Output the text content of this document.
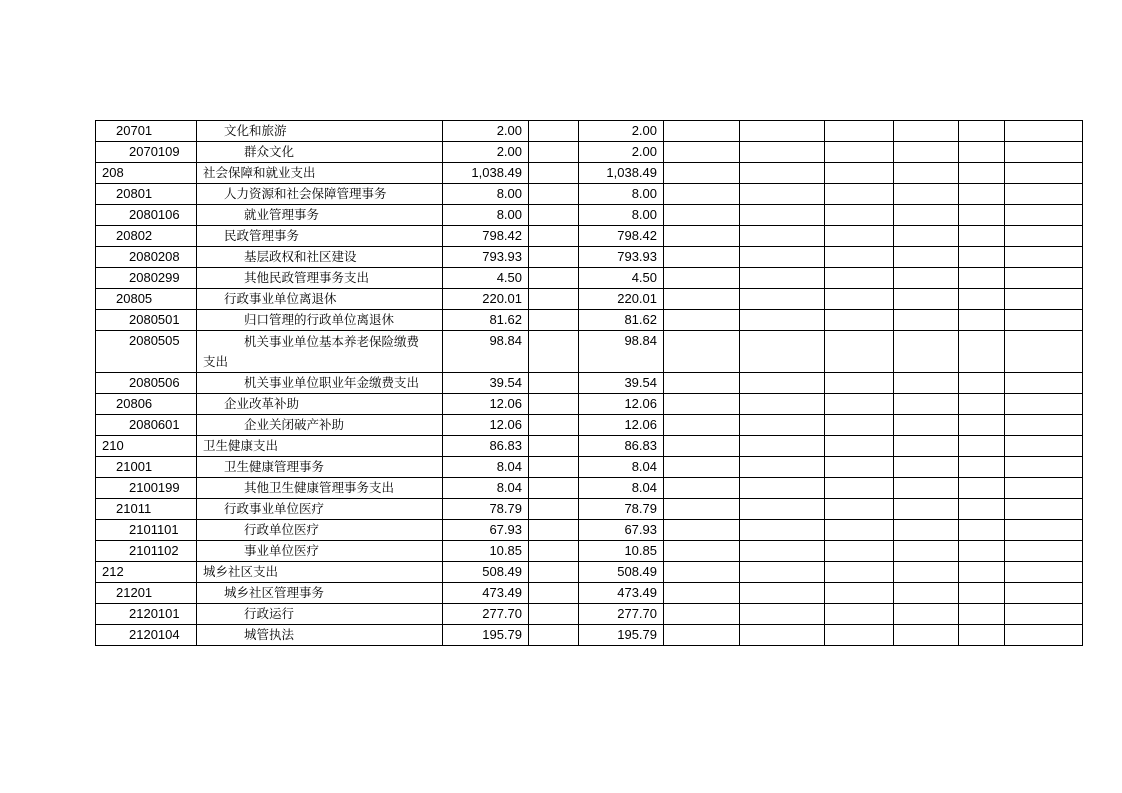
20701	文化和旅游	2.00		2.00						
2070109	群众文化	2.00		2.00						
208	社会保障和就业支出	1,038.49		1,038.49						
20801	人力资源和社会保障管理事务	8.00		8.00						
2080106	就业管理事务	8.00		8.00						
20802	民政管理事务	798.42		798.42						
2080208	基层政权和社区建设	793.93		793.93						
2080299	其他民政管理事务支出	4.50		4.50						
20805	行政事业单位离退休	220.01		220.01						
2080501	归口管理的行政单位离退休	81.62		81.62						
2080505	机关事业单位基本养老保险缴费
支出	98.84		98.84						
2080506	机关事业单位职业年金缴费支出	39.54		39.54						
20806	企业改革补助	12.06		12.06						
2080601	企业关闭破产补助	12.06		12.06						
210	卫生健康支出	86.83		86.83						
21001	卫生健康管理事务	8.04		8.04						
2100199	其他卫生健康管理事务支出	8.04		8.04						
21011	行政事业单位医疗	78.79		78.79						
2101101	行政单位医疗	67.93		67.93						
2101102	事业单位医疗	10.85		10.85						
212	城乡社区支出	508.49		508.49						
21201	城乡社区管理事务	473.49		473.49						
2120101	行政运行	277.70		277.70						
2120104	城管执法	195.79		195.79						
